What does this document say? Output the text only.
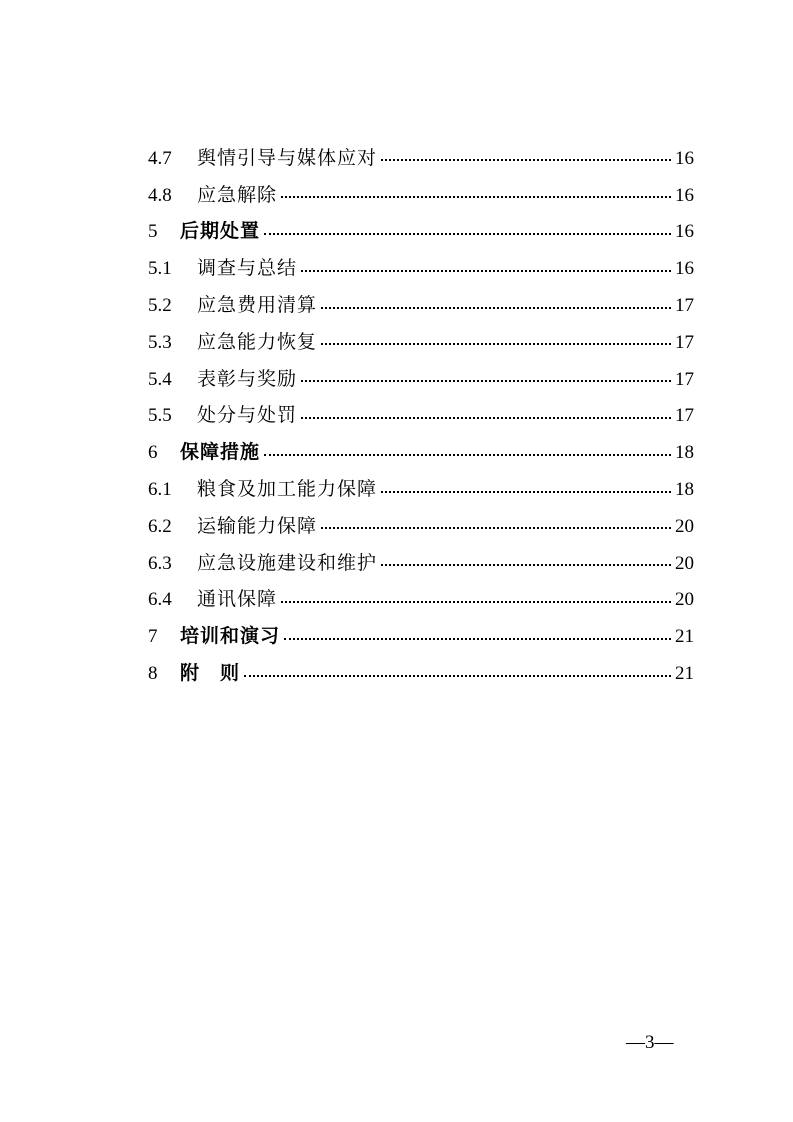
4.7	舆情引导与媒体应对	16
4.8	应急解除	16
5	后期处置	16
5.1	调查与总结	16
5.2	应急费用清算	17
5.3	应急能力恢复	17
5.4	表彰与奖励	17
5.5	处分与处罚	17
6	保障措施	18
6.1	粮食及加工能力保障	18
6.2	运输能力保障	20
6.3	应急设施建设和维护	20
6.4	通讯保障	20
7	培训和演习	21
8	附　则	21
—3—
